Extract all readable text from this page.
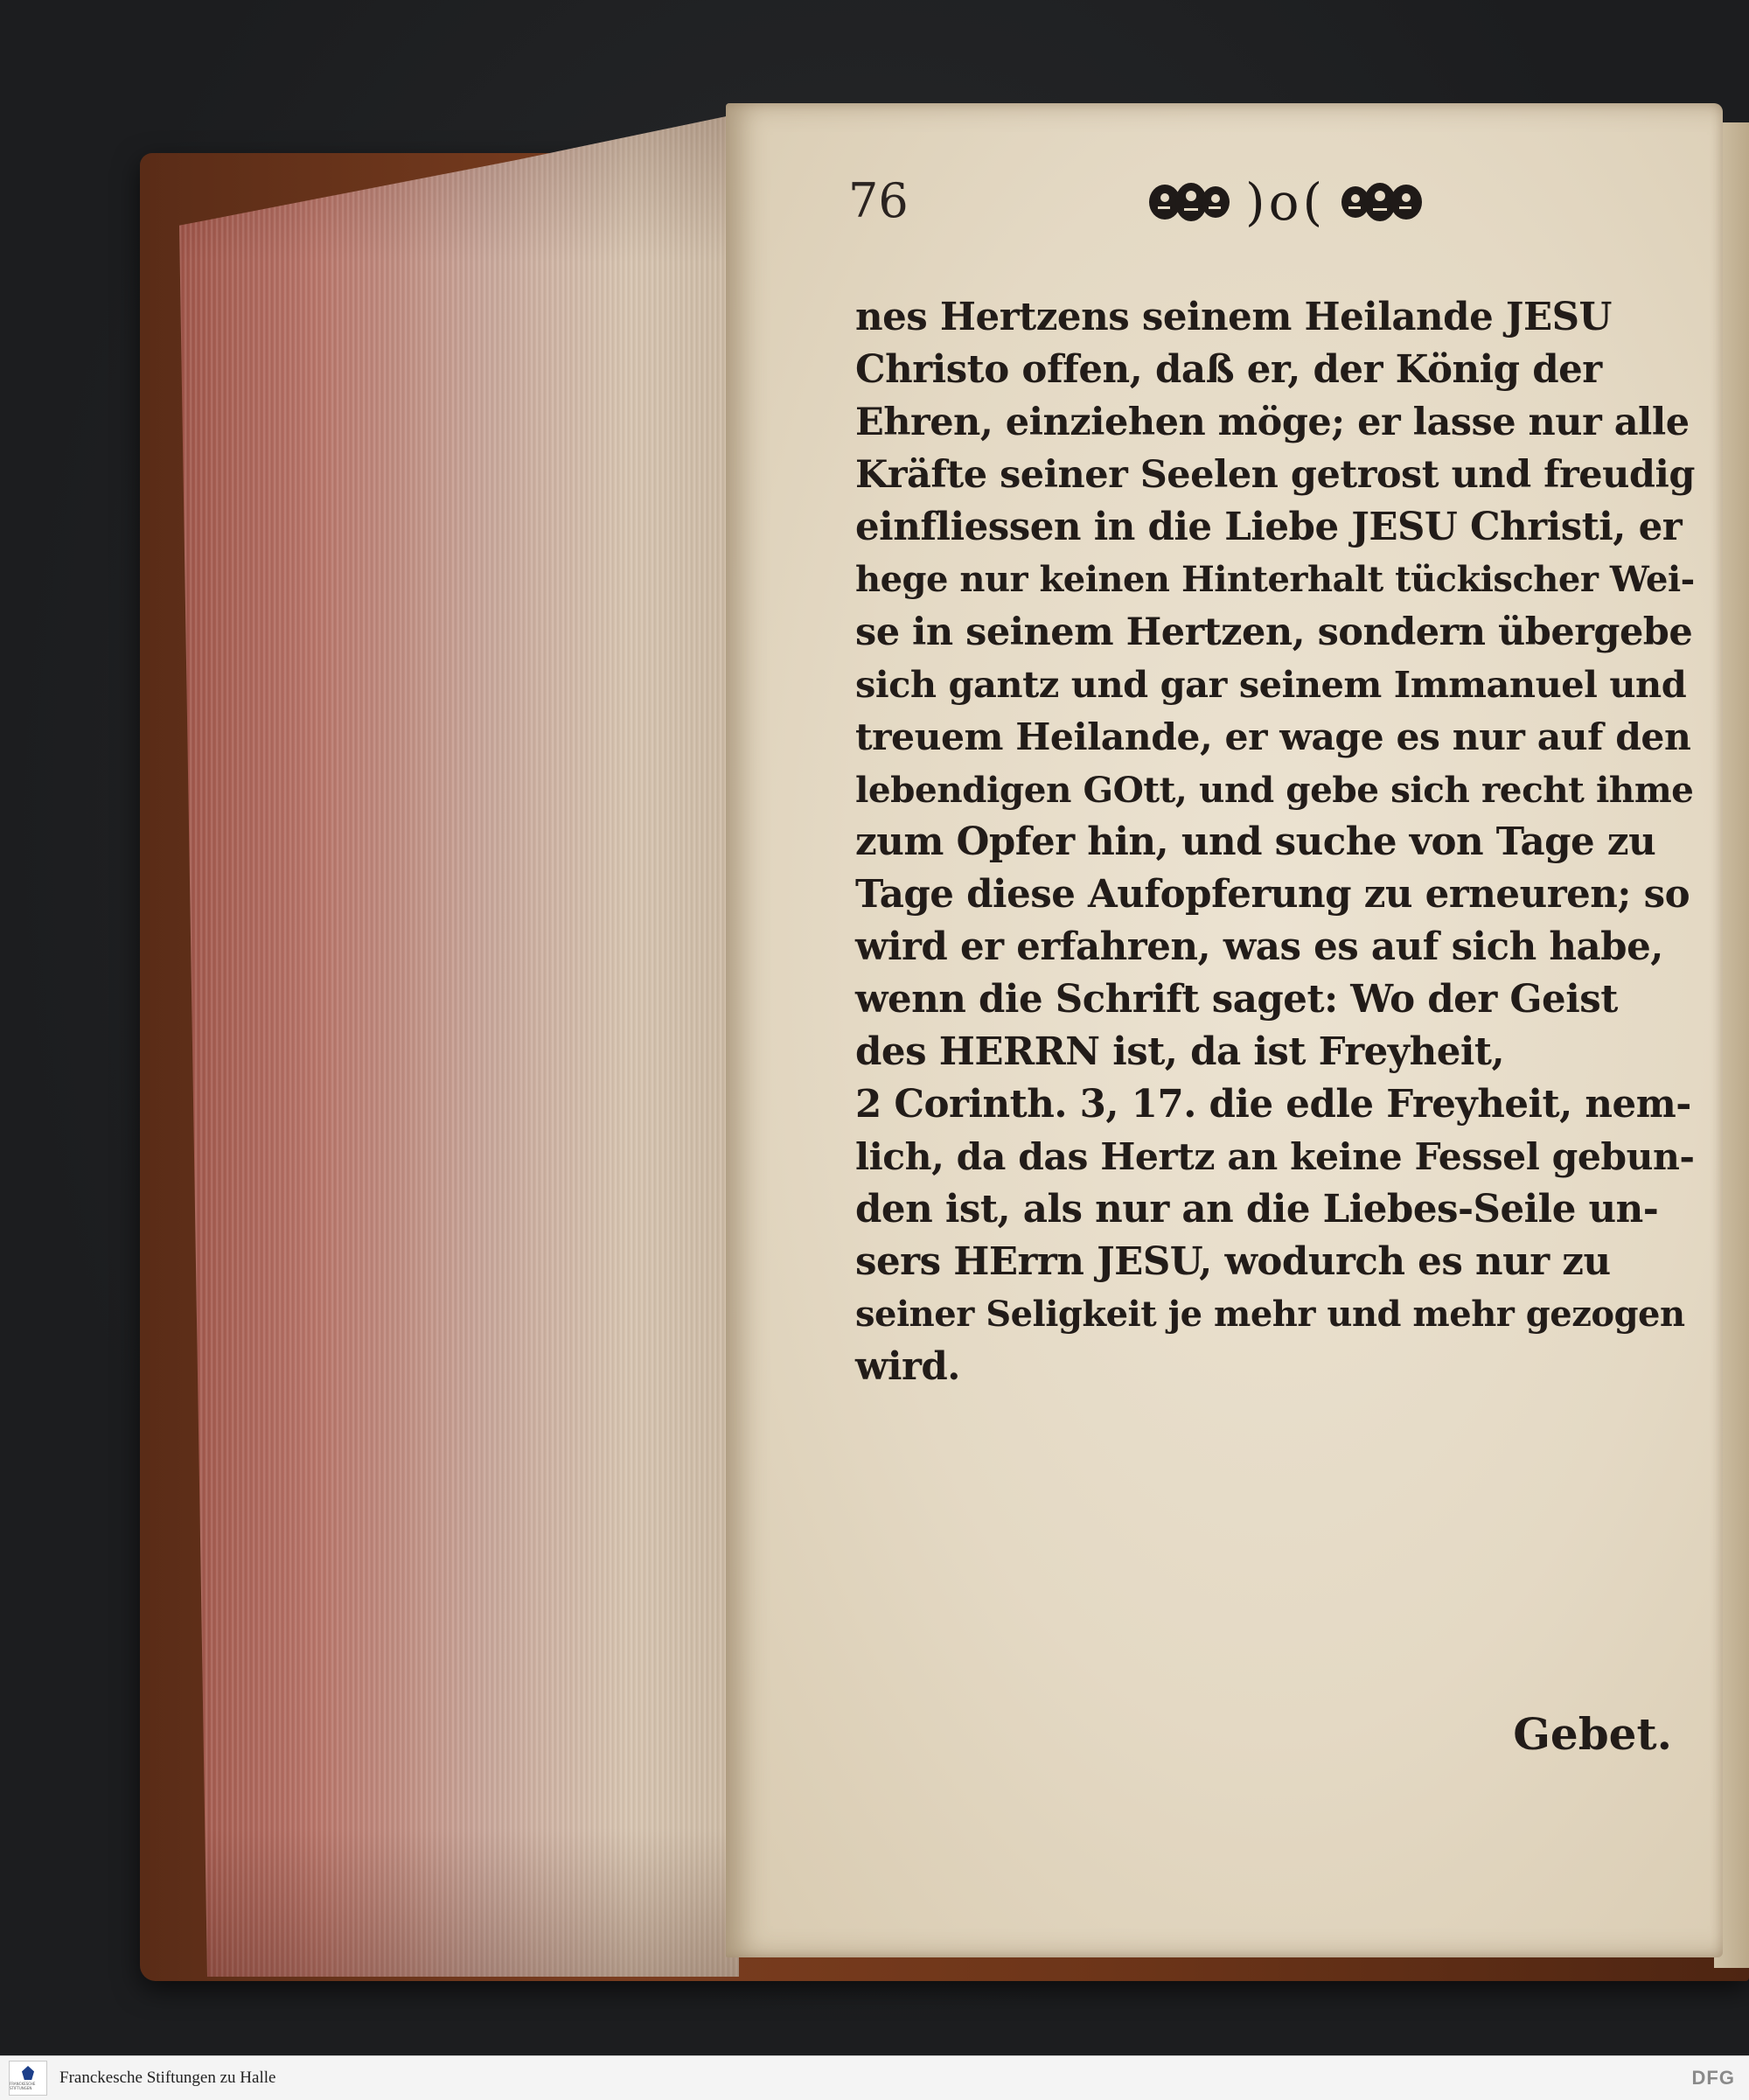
76	)o(
nes Hertzens seinem Heilande JESU
Christo offen, daß er, der König der
Ehren, einziehen möge; er lasse nur alle
Kräfte seiner Seelen getrost und freudig
einfliessen in die Liebe JESU Christi, er
hege nur keinen Hinterhalt tückischer Wei-
se in seinem Hertzen, sondern übergebe
sich gantz und gar seinem Immanuel und
treuem Heilande, er wage es nur auf den
lebendigen GOtt, und gebe sich recht ihme
zum Opfer hin, und suche von Tage zu
Tage diese Aufopferung zu erneuren; so
wird er erfahren, was es auf sich habe,
wenn die Schrift saget: Wo der Geist
des HERRN ist, da ist Freyheit,
2 Corinth. 3, 17. die edle Freyheit, nem-
lich, da das Hertz an keine Fessel gebun-
den ist, als nur an die Liebes-Seile un-
sers HErrn JESU, wodurch es nur zu
seiner Seligkeit je mehr und mehr gezogen
wird.
Gebet.
FRANCKESCHE STIFTUNGEN
Franckesche Stiftungen zu Halle	DFG
